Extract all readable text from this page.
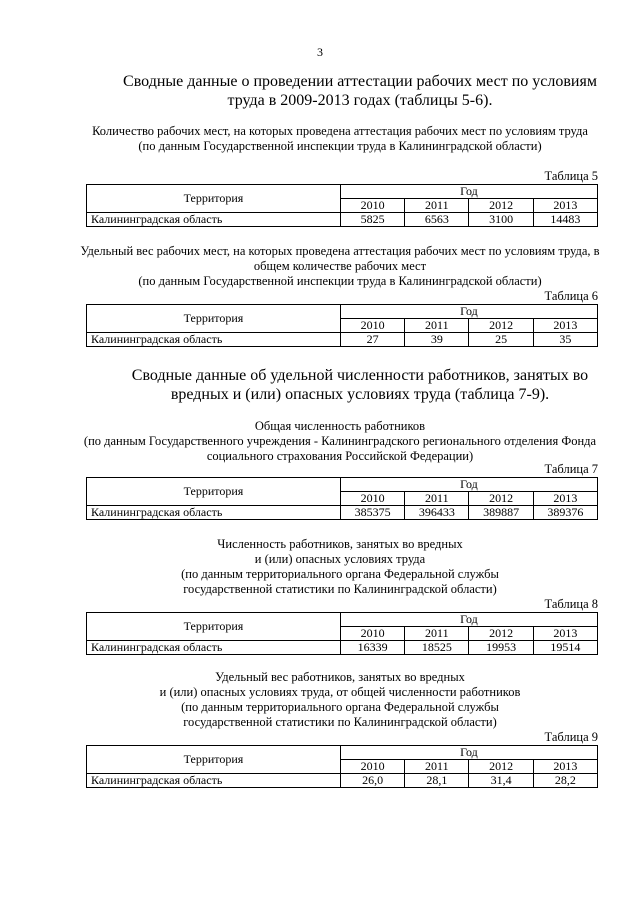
3
Сводные данные о проведении аттестации рабочих мест по условиям труда в 2009-2013 годах (таблицы 5-6).
Количество рабочих мест, на которых проведена аттестация рабочих мест по условиям труда
(по данным Государственной инспекции труда в Калининградской области)
Таблица 5
Территория	Год			
	2010	2011	2012	2013
Калининградская область	5825	6563	3100	14483
Удельный вес рабочих мест, на которых проведена аттестация рабочих мест по условиям труда, в общем количестве рабочих мест
(по данным Государственной инспекции труда в Калининградской области)
Таблица 6
Территория	Год			
	2010	2011	2012	2013
Калининградская область	27	39	25	35
Сводные данные об удельной численности работников, занятых во вредных и (или) опасных условиях труда (таблица 7-9).
Общая численность работников
(по данным Государственного учреждения - Калининградского регионального отделения Фонда социального страхования Российской Федерации)
Таблица 7
Территория	Год			
	2010	2011	2012	2013
Калининградская область	385375	396433	389887	389376
Численность работников, занятых во вредных
и (или) опасных условиях труда
(по данным территориального органа Федеральной службы
государственной статистики по Калининградской области)
Таблица 8
Территория	Год			
	2010	2011	2012	2013
Калининградская область	16339	18525	19953	19514
Удельный вес работников, занятых во вредных
и (или) опасных условиях труда, от общей численности работников
(по данным территориального органа Федеральной службы
государственной статистики по Калининградской области)
Таблица 9
Территория	Год			
	2010	2011	2012	2013
Калининградская область	26,0	28,1	31,4	28,2
